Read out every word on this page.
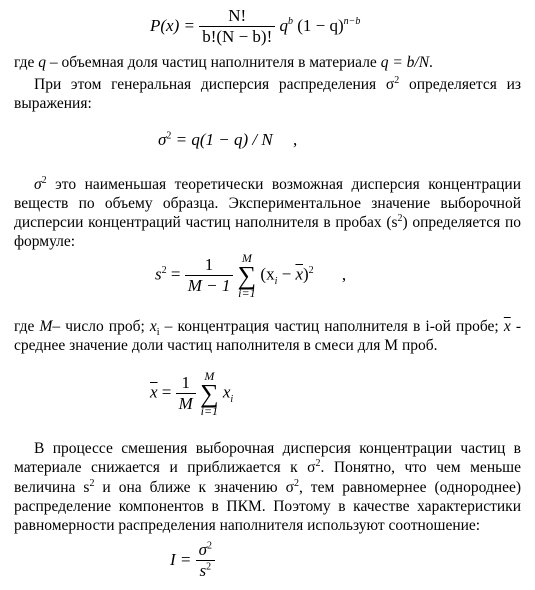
$P(x) = \frac{N!}{b!(N - b)!} q^b$ $(1 - q)^{n-b}$
где q – объемная доля частиц наполнителя в материале q = b/N.
При этом генеральная дисперсия распределения $\sigma^2$ определяется из
выражения:
$\sigma^2 = q(1 - q) / N$ ,
$\sigma^2$ это наименьшая теоретически возможная дисперсия концентрации
веществ по объему образца. Экспериментальное значение выборочной
дисперсии концентраций частиц наполнителя в пробах $(s^2)$ определяется по
формуле:
$s^2 = \frac{1}{M - 1}$
M
∑
i=1
$(x_i - \overline{x})^2$ ,
где M– число проб; $x_i$ – концентрация частиц наполнителя в i-ой пробе; $\overline{x}$ -
среднее значение доли частиц наполнителя в смеси для M проб.
$\overline{x} = \frac{1}{M}$
M
∑
i=1
$x_i$
В процессе смешения выборочная дисперсия концентрации частиц в
материале снижается и приближается к $\sigma^2$. Понятно, что чем меньше
величина $s^2$ и она ближе к значению $\sigma^2$, тем равномернее (однороднее)
распределение компонентов в ПКМ. Поэтому в качестве характеристики
равномерности распределения наполнителя используют соотношение:
$I = \frac{\sigma^2}{s^2}$
